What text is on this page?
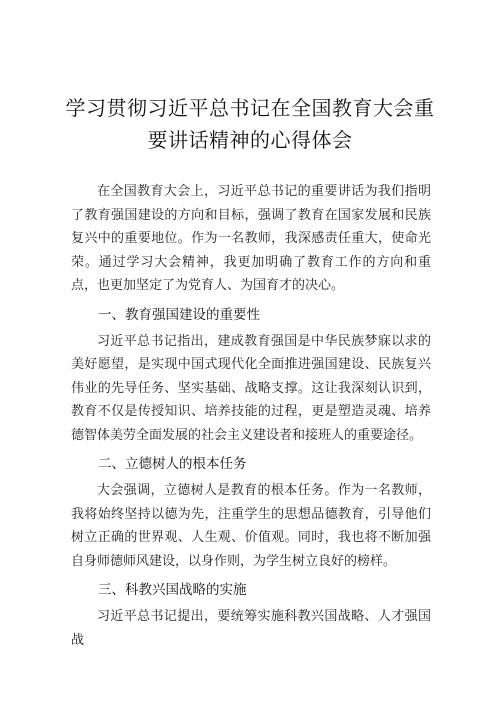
学习贯彻习近平总书记在全国教育大会重
要讲话精神的心得体会

在全国教育大会上，习近平总书记的重要讲话为我们指明了教育强国建设的方向和目标，强调了教育在国家发展和民族复兴中的重要地位。作为一名教师，我深感责任重大，使命光荣。通过学习大会精神，我更加明确了教育工作的方向和重点，也更加坚定了为党育人、为国育才的决心。

一、教育强国建设的重要性

习近平总书记指出，建成教育强国是中华民族梦寐以求的美好愿望，是实现中国式现代化全面推进强国建设、民族复兴伟业的先导任务、坚实基础、战略支撑。这让我深刻认识到，教育不仅是传授知识、培养技能的过程，更是塑造灵魂、培养德智体美劳全面发展的社会主义建设者和接班人的重要途径。

二、立德树人的根本任务

大会强调，立德树人是教育的根本任务。作为一名教师，我将始终坚持以德为先，注重学生的思想品德教育，引导他们树立正确的世界观、人生观、价值观。同时，我也将不断加强自身师德师风建设，以身作则，为学生树立良好的榜样。

三、科教兴国战略的实施

习近平总书记提出，要统筹实施科教兴国战略、人才强国战
